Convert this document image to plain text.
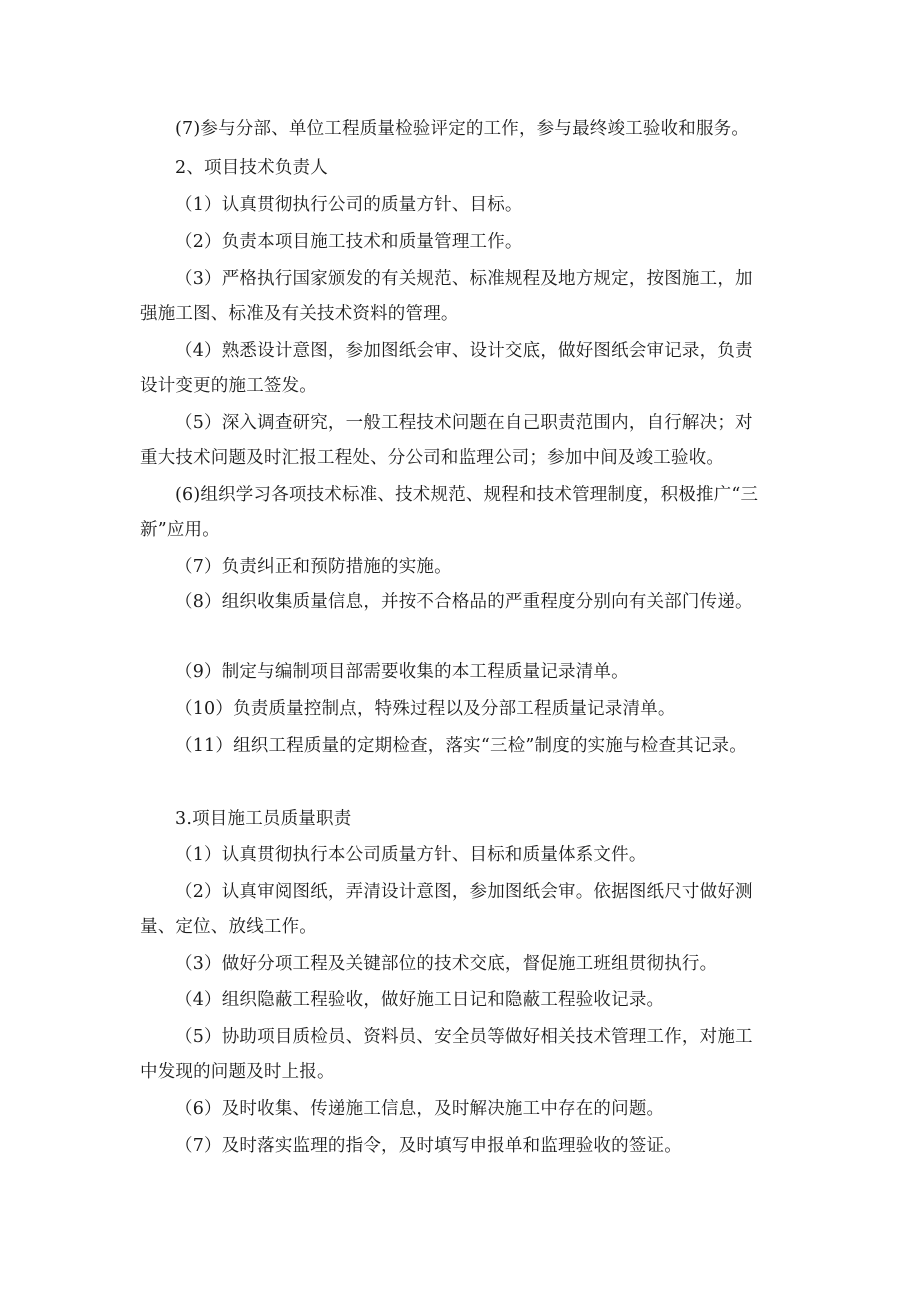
(7)参与分部、单位工程质量检验评定的工作，参与最终竣工验收和服务。
2、项目技术负责人
（1）认真贯彻执行公司的质量方针、目标。
（2）负责本项目施工技术和质量管理工作。
（3）严格执行国家颁发的有关规范、标准规程及地方规定，按图施工，加
强施工图、标准及有关技术资料的管理。
（4）熟悉设计意图，参加图纸会审、设计交底，做好图纸会审记录，负责
设计变更的施工签发。
（5）深入调查研究，一般工程技术问题在自己职责范围内，自行解决；对
重大技术问题及时汇报工程处、分公司和监理公司；参加中间及竣工验收。
(6)组织学习各项技术标准、技术规范、规程和技术管理制度，积极推广“三
新”应用。
（7）负责纠正和预防措施的实施。
（8）组织收集质量信息，并按不合格品的严重程度分别向有关部门传递。
（9）制定与编制项目部需要收集的本工程质量记录清单。
（10）负责质量控制点，特殊过程以及分部工程质量记录清单。
（11）组织工程质量的定期检查，落实“三检”制度的实施与检查其记录。
3.项目施工员质量职责
（1）认真贯彻执行本公司质量方针、目标和质量体系文件。
（2）认真审阅图纸，弄清设计意图，参加图纸会审。依据图纸尺寸做好测
量、定位、放线工作。
（3）做好分项工程及关键部位的技术交底，督促施工班组贯彻执行。
（4）组织隐蔽工程验收，做好施工日记和隐蔽工程验收记录。
（5）协助项目质检员、资料员、安全员等做好相关技术管理工作，对施工
中发现的问题及时上报。
（6）及时收集、传递施工信息，及时解决施工中存在的问题。
（7）及时落实监理的指令，及时填写申报单和监理验收的签证。
